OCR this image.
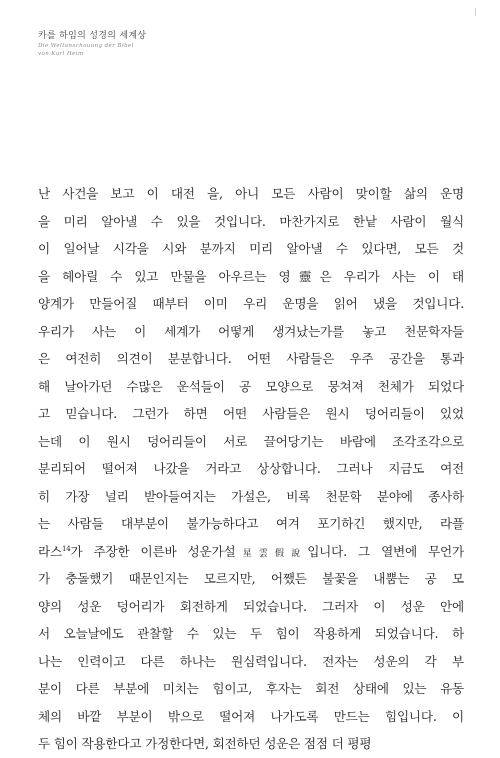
카를 하임의 성경의 세계상
Die Weltanschauung der Bibel
von Karl Heim
난 사건을 보고 이 대전 을, 아니 모든 사람이 맞이할 삶의 운명
을 미리 알아낼 수 있을 것입니다. 마찬가지로 한낱 사람이 월식
이 일어날 시각을 시와 분까지 미리 알아낼 수 있다면, 모든 것
을 헤아릴 수 있고 만물을 아우르는 영靈은 우리가 사는 이 태
양계가 만들어질 때부터 이미 우리 운명을 읽어 냈을 것입니다.
우리가 사는 이 세계가 어떻게 생겨났는가를 놓고 천문학자들
은 여전히 의견이 분분합니다. 어떤 사람들은 우주 공간을 통과
해 날아가던 수많은 운석들이 공 모양으로 뭉쳐져 천체가 되었다
고 믿습니다. 그런가 하면 어떤 사람들은 원시 덩어리들이 있었
는데 이 원시 덩어리들이 서로 끌어당기는 바람에 조각조각으로
분리되어 떨어져 나갔을 거라고 상상합니다. 그러나 지금도 여전
히 가장 널리 받아들여지는 가설은, 비록 천문학 분야에 종사하
는 사람들 대부분이 불가능하다고 여겨 포기하긴 했지만, 라플
라스$^{14}$가 주장한 이른바 성운가설星雲假說입니다. 그 열변에 무언가
가 충돌했기 때문인지는 모르지만, 어쨌든 불꽃을 내뿜는 공 모
양의 성운 덩어리가 회전하게 되었습니다. 그러자 이 성운 안에
서 오늘날에도 관찰할 수 있는 두 힘이 작용하게 되었습니다. 하
나는 인력이고 다른 하나는 원심력입니다. 전자는 성운의 각 부
분이 다른 부분에 미치는 힘이고, 후자는 회전 상태에 있는 유동
체의 바깥 부분이 밖으로 떨어져 나가도록 만드는 힘입니다. 이
두 힘이 작용한다고 가정한다면, 회전하던 성운은 점점 더 평평
